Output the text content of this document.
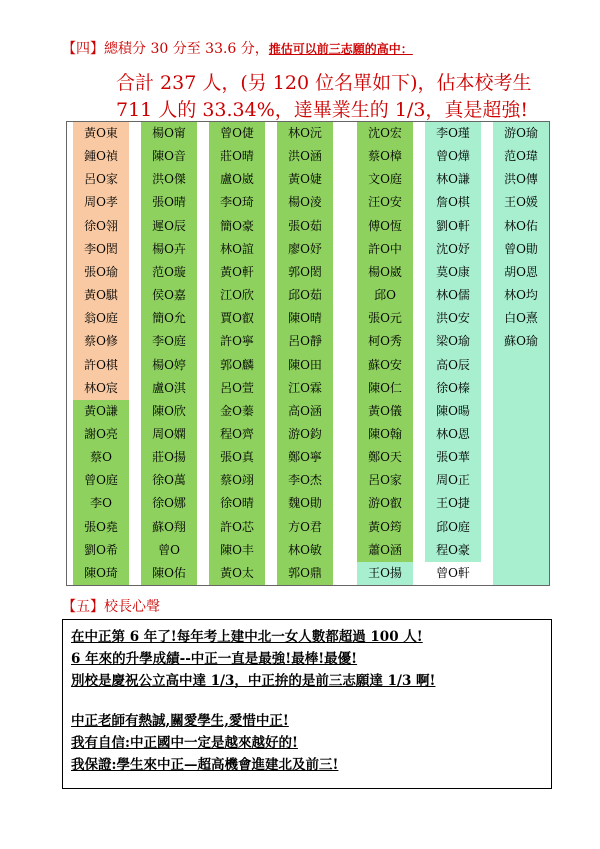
【四】總積分 30 分至 33.6 分，推估可以前三志願的高中：
合計 237 人，(另 120 位名單如下)，佔本校考生
711 人的 33.34%，達畢業生的 1/3，真是超強!
黃O東
鍾O禎
呂O家
周O孝
徐O翎
李O閎
張O瑜
黃O騏
翁O庭
蔡O修
許O棋
林O宸
黃O謙
謝O亮
蔡O
曾O庭
李O
張O堯
劉O希
陳O琦
楊O甯
陳O音
洪O傑
張O晴
遲O辰
楊O卉
范O璇
侯O嘉
簡O允
李O庭
楊O婷
盧O淇
陳O欣
周O嫻
莊O揚
徐O萬
徐O娜
蘇O翔
曾O
陳O佑
曾O倢
莊O晴
盧O崴
李O琦
簡O豪
林O誼
黃O軒
江O欣
賈O叡
許O寧
郭O麟
呂O萱
金O蓁
程O齊
張O真
蔡O翊
徐O晴
許O芯
陳O丰
黃O太
林O沅
洪O涵
黃O婕
楊O淩
張O茹
廖O妤
郭O閎
邱O茹
陳O晴
呂O靜
陳O田
江O霖
高O涵
游O鈞
鄭O寧
李O杰
魏O勛
方O君
林O敏
郭O鼎
沈O宏
蔡O樟
文O庭
汪O安
傅O恆
許O中
楊O崴
邱O
張O元
柯O秀
蘇O安
陳O仁
黃O儀
陳O翰
鄭O天
呂O家
游O叡
黃O筠
蕭O涵
王O揚
李O瑾
曾O燁
林O謙
詹O棋
劉O軒
沈O妤
莫O康
林O儒
洪O安
梁O瑜
高O辰
徐O榛
陳O暘
林O恩
張O華
周O正
王O捷
邱O庭
程O豪
曾O軒
游O瑜
范O瑋
洪O傳
王O媛
林O佑
曾O勛
胡O恩
林O均
白O熹
蘇O瑜
【五】校長心聲
在中正第 6 年了!每年考上建中北一女人數都超過 100 人!
6 年來的升學成績--中正一直是最強!最棒!最優!
別校是慶祝公立高中達 1/3，中正拚的是前三志願達 1/3 啊!
中正老師有熱誠,關愛學生,愛惜中正!
我有自信:中正國中一定是越來越好的!
我保證:學生來中正—超高機會進建北及前三!
